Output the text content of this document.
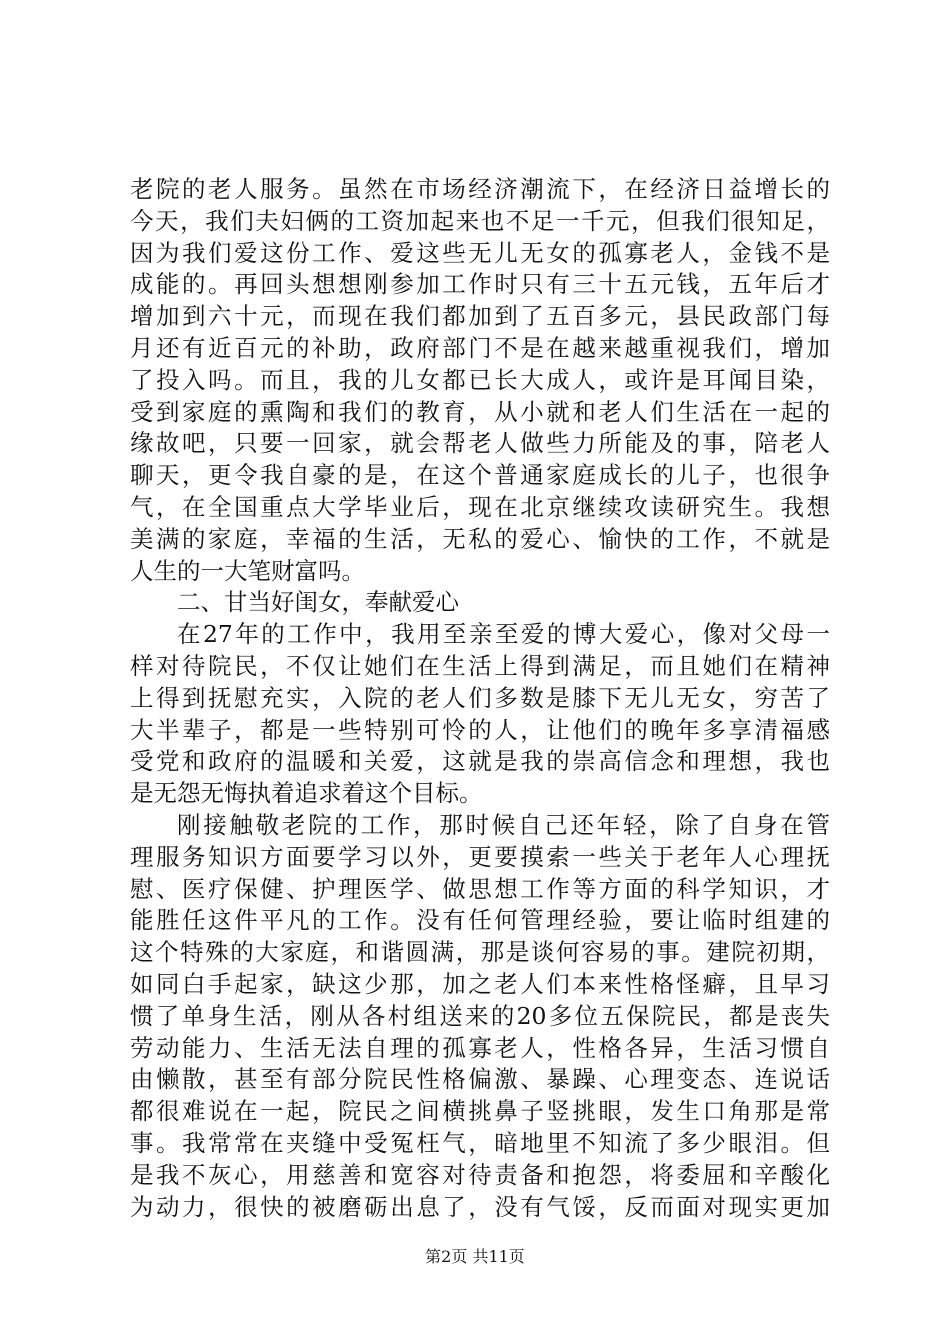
老院的老人服务。虽然在市场经济潮流下，在经济日益增长的
今天，我们夫妇俩的工资加起来也不足一千元，但我们很知足，
因为我们爱这份工作、爱这些无儿无女的孤寡老人，金钱不是
成能的。再回头想想刚参加工作时只有三十五元钱，五年后才
增加到六十元，而现在我们都加到了五百多元，县民政部门每
月还有近百元的补助，政府部门不是在越来越重视我们，增加
了投入吗。而且，我的儿女都已长大成人，或许是耳闻目染，
受到家庭的熏陶和我们的教育，从小就和老人们生活在一起的
缘故吧，只要一回家，就会帮老人做些力所能及的事，陪老人
聊天，更令我自豪的是，在这个普通家庭成长的儿子，也很争
气，在全国重点大学毕业后，现在北京继续攻读研究生。我想
美满的家庭，幸福的生活，无私的爱心、愉快的工作，不就是
人生的一大笔财富吗。
二、甘当好闺女，奉献爱心
在27年的工作中，我用至亲至爱的博大爱心，像对父母一
样对待院民，不仅让她们在生活上得到满足，而且她们在精神
上得到抚慰充实，入院的老人们多数是膝下无儿无女，穷苦了
大半辈子，都是一些特别可怜的人，让他们的晚年多享清福感
受党和政府的温暖和关爱，这就是我的崇高信念和理想，我也
是无怨无悔执着追求着这个目标。
刚接触敬老院的工作，那时候自己还年轻，除了自身在管
理服务知识方面要学习以外，更要摸索一些关于老年人心理抚
慰、医疗保健、护理医学、做思想工作等方面的科学知识，才
能胜任这件平凡的工作。没有任何管理经验，要让临时组建的
这个特殊的大家庭，和谐圆满，那是谈何容易的事。建院初期，
如同白手起家，缺这少那，加之老人们本来性格怪癖，且早习
惯了单身生活，刚从各村组送来的20多位五保院民，都是丧失
劳动能力、生活无法自理的孤寡老人，性格各异，生活习惯自
由懒散，甚至有部分院民性格偏激、暴躁、心理变态、连说话
都很难说在一起，院民之间横挑鼻子竖挑眼，发生口角那是常
事。我常常在夹缝中受冤枉气，暗地里不知流了多少眼泪。但
是我不灰心，用慈善和宽容对待责备和抱怨，将委屈和辛酸化
为动力，很快的被磨砺出息了，没有气馁，反而面对现实更加
第2页 共11页
